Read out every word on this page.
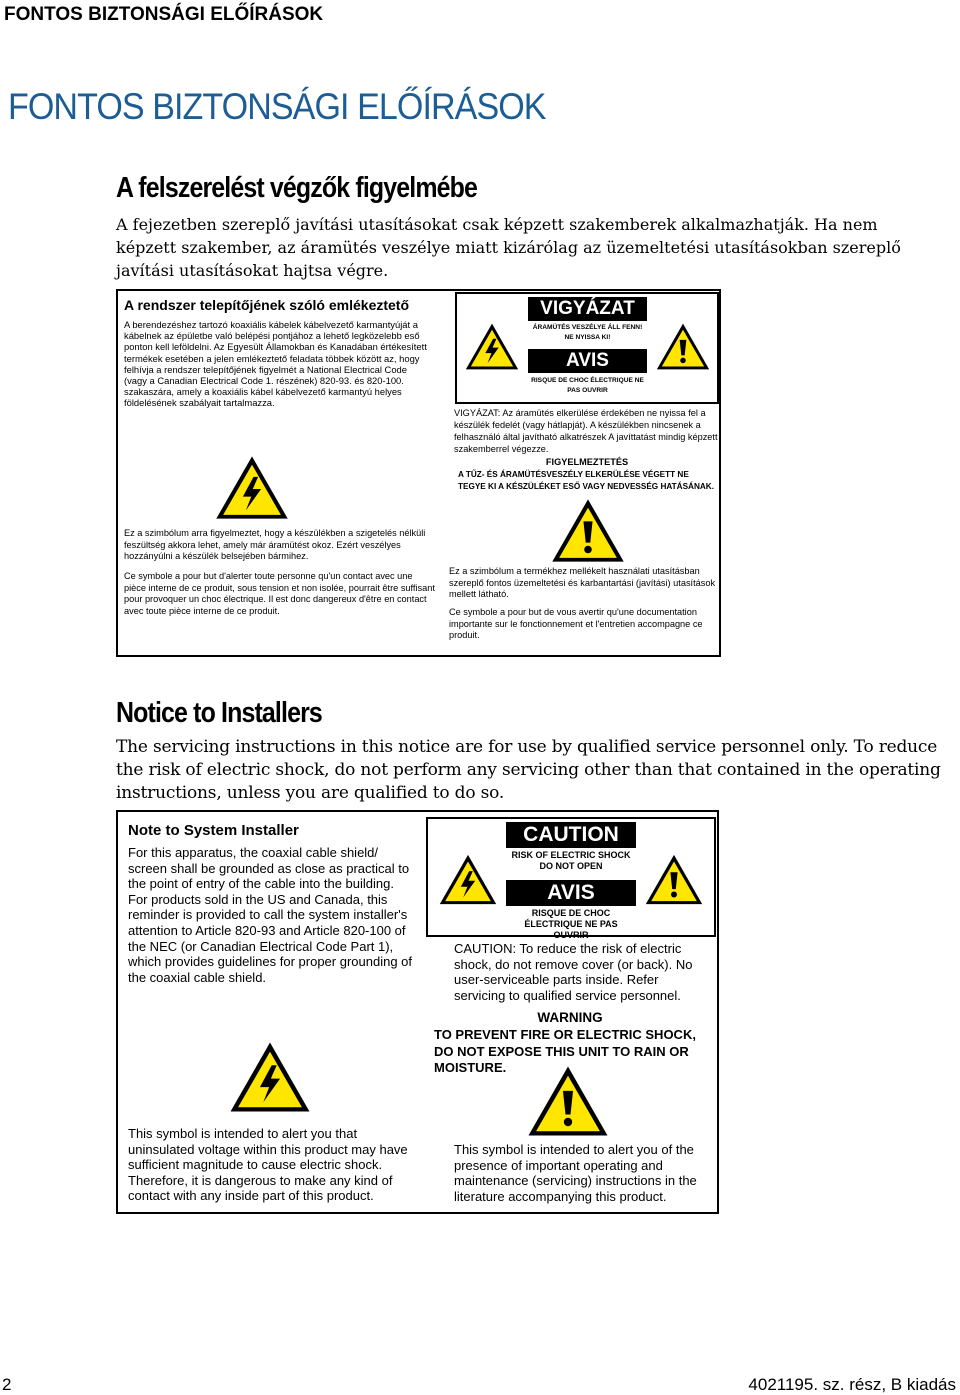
FONTOS BIZTONSÁGI ELŐÍRÁSOK
FONTOS BIZTONSÁGI ELŐÍRÁSOK
A felszerelést végzők figyelmébe

A fejezetben szereplő javítási utasításokat csak képzett szakemberek alkalmazhatják. Ha nem képzett szakember, az áramütés veszélye miatt kizárólag az üzemeltetési utasításokban szereplő javítási utasításokat hajtsa végre.

A rendszer telepítőjének szóló emlékeztető

A berendezéshez tartozó koaxiális kábelek kábelvezető karmantyúját a kábelnek az épületbe való belépési pontjához a lehető legközelebb eső ponton kell leföldelni. Az Egyesült Államokban és Kanadában értékesített termékek esetében a jelen emlékeztető feladata többek között az, hogy felhívja a rendszer telepítőjének figyelmét a National Electrical Code (vagy a Canadian Electrical Code 1. részének) 820-93. és 820-100. szakaszára, amely a koaxiális kábel kábelvezető karmantyú helyes földelésének szabályait tartalmazza.

VIGYÁZAT
ÁRAMÜTÉS VESZÉLYE ÁLL FENN! NE NYISSA KI!
AVIS
RISQUE DE CHOC ÉLECTRIQUE NE PAS OUVRIR

VIGYÁZAT: Az áramütés elkerülése érdekében ne nyissa fel a készülék fedelét (vagy hátlapját). A készülékben nincsenek a felhasználó által javítható alkatrészek A javíttatást mindig képzett szakemberrel végezze.

FIGYELMEZTETÉS

A TŰZ- ÉS ÁRAMÜTÉSVESZÉLY ELKERÜLÉSE VÉGETT NE TEGYE KI A KÉSZÜLÉKET ESŐ VAGY NEDVESSÉG HATÁSÁNAK.

Ez a szimbólum arra figyelmeztet, hogy a készülékben a szigetelés nélküli feszültség akkora lehet, amely már áramütést okoz. Ezért veszélyes hozzányúlni a készülék belsejében bármihez.

Ce symbole a pour but d'alerter toute personne qu'un contact avec une pièce interne de ce produit, sous tension et non isolée, pourrait être suffisant pour provoquer un choc électrique. Il est donc dangereux d'être en contact avec toute pièce interne de ce produit.

Ez a szimbólum a termékhez mellékelt használati utasításban szereplő fontos üzemeltetési és karbantartási (javítási) utasítások mellett látható.

Ce symbole a pour but de vous avertir qu'une documentation importante sur le fonctionnement et l'entretien accompagne ce produit.

Notice to Installers

The servicing instructions in this notice are for use by qualified service personnel only. To reduce the risk of electric shock, do not perform any servicing other than that contained in the operating instructions, unless you are qualified to do so.

Note to System Installer

For this apparatus, the coaxial cable shield/ screen shall be grounded as close as practical to the point of entry of the cable into the building. For products sold in the US and Canada, this reminder is provided to call the system installer's attention to Article 820-93 and Article 820-100 of the NEC (or Canadian Electrical Code Part 1), which provides guidelines for proper grounding of the coaxial cable shield.

CAUTION
RISK OF ELECTRIC SHOCK DO NOT OPEN
AVIS
RISQUE DE CHOC ÉLECTRIQUE NE PAS OUVRIR

CAUTION: To reduce the risk of electric shock, do not remove cover (or back). No user-serviceable parts inside. Refer servicing to qualified service personnel.

WARNING

TO PREVENT FIRE OR ELECTRIC SHOCK, DO NOT EXPOSE THIS UNIT TO RAIN OR MOISTURE.

This symbol is intended to alert you that uninsulated voltage within this product may have sufficient magnitude to cause electric shock. Therefore, it is dangerous to make any kind of contact with any inside part of this product.

This symbol is intended to alert you of the presence of important operating and maintenance (servicing) instructions in the literature accompanying this product.

2	4021195. sz. rész, B kiadás
